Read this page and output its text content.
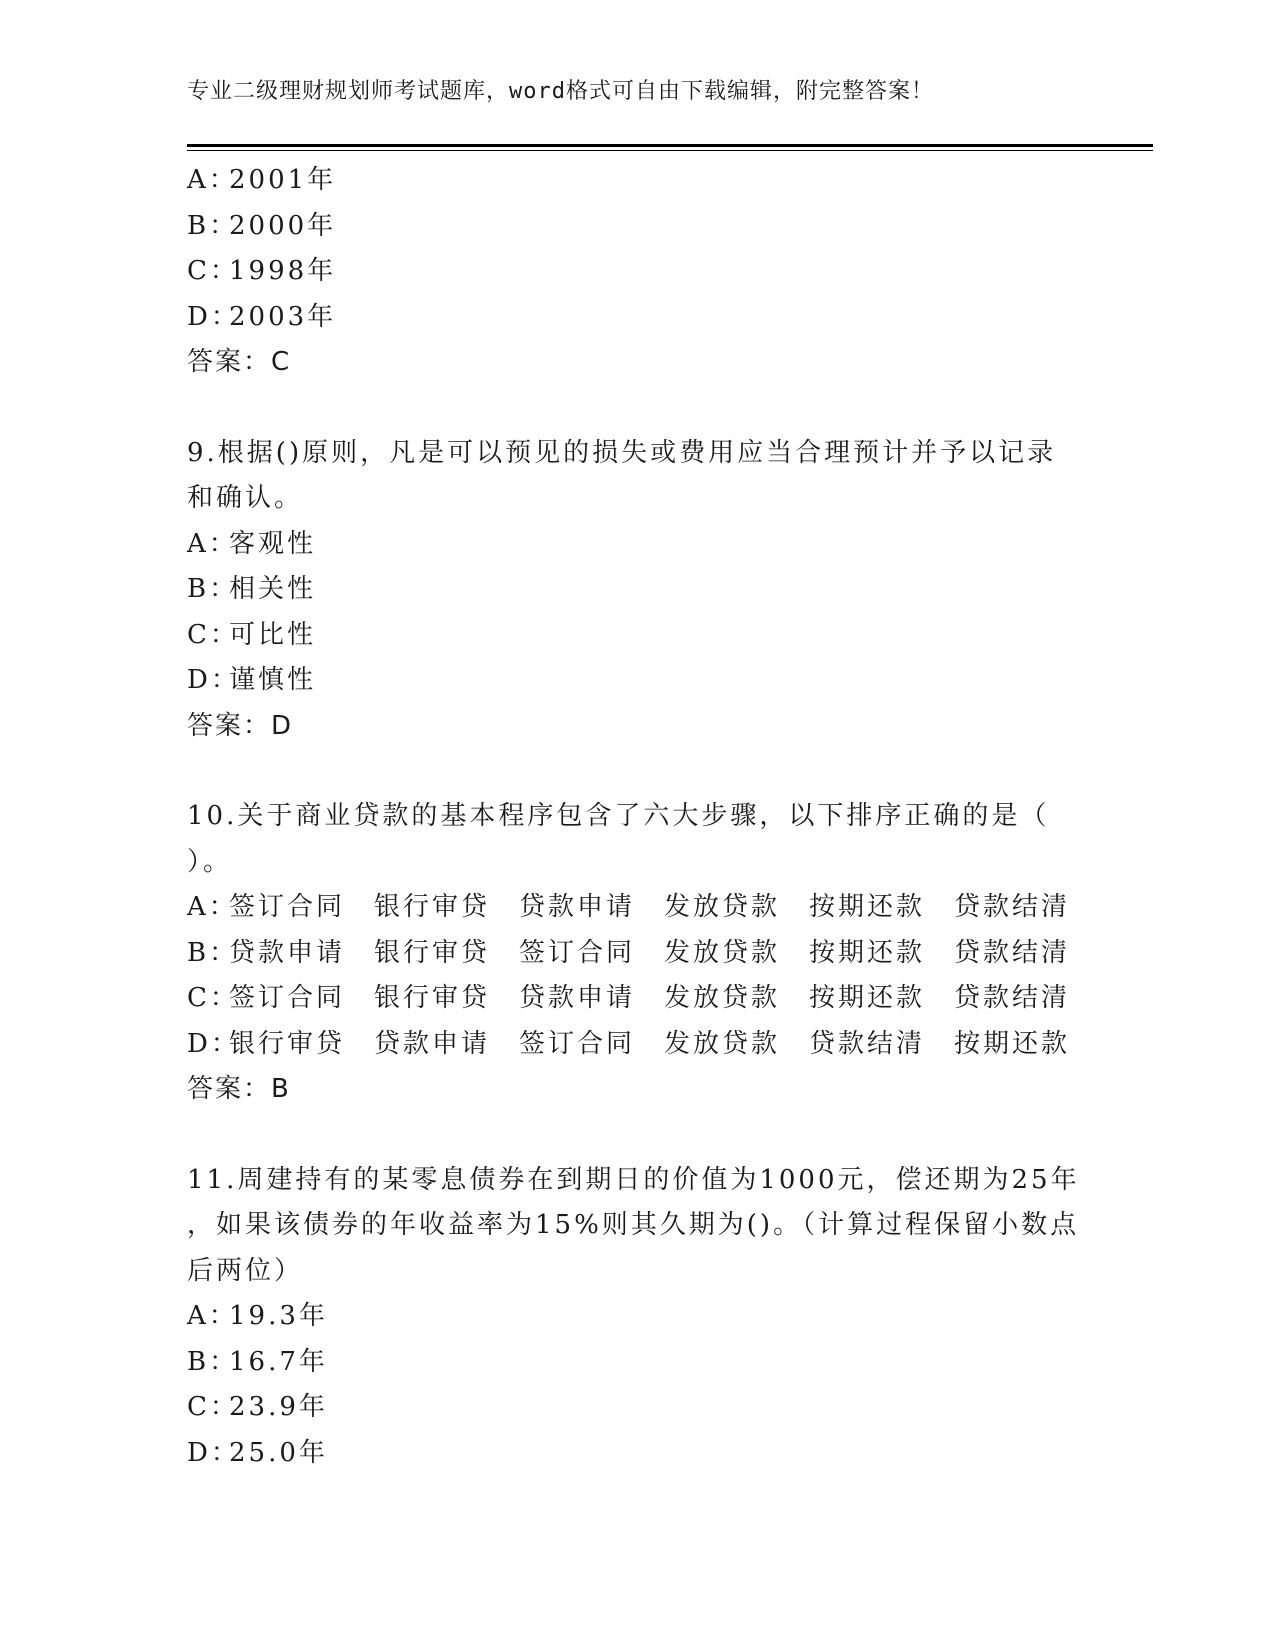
专业二级理财规划师考试题库，word格式可自由下载编辑，附完整答案！
A：2001年
B：2000年
C：1998年
D：2003年
答案：C
9.根据()原则，凡是可以预见的损失或费用应当合理预计并予以记录
和确认。
A：客观性
B：相关性
C：可比性
D：谨慎性
答案：D
10.关于商业贷款的基本程序包含了六大步骤，以下排序正确的是（
）。
A：签订合同 银行审贷 贷款申请 发放贷款 按期还款 贷款结清
B：贷款申请 银行审贷 签订合同 发放贷款 按期还款 贷款结清
C：签订合同 银行审贷 贷款申请 发放贷款 按期还款 贷款结清
D：银行审贷 贷款申请 签订合同 发放贷款 贷款结清 按期还款
答案：B
11.周建持有的某零息债券在到期日的价值为1000元，偿还期为25年
，如果该债券的年收益率为15%则其久期为()。（计算过程保留小数点
后两位）
A：19.3年
B：16.7年
C：23.9年
D：25.0年
